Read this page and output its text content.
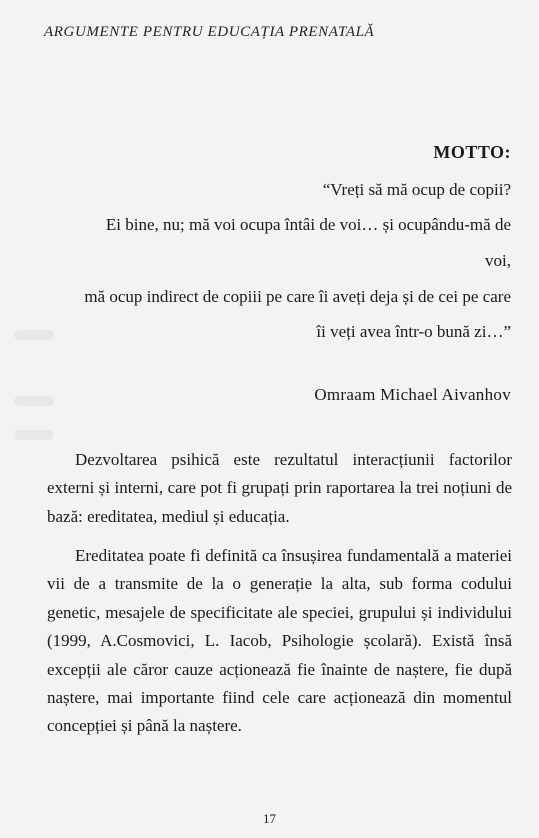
ARGUMENTE PENTRU EDUCAȚIA PRENATALĂ
MOTTO:
“Vreți să mă ocup de copii?
Ei bine, nu; mă voi ocupa întâi de voi… și ocupându-mă de
voi,
mă ocup indirect de copiii pe care îi aveți deja și de cei pe care
îi veți avea într-o bună zi…”
Omraam Michael Aivanhov

Dezvoltarea psihică este rezultatul interacțiunii factorilor externi și interni, care pot fi grupați prin raportarea la trei noțiuni de bază: ereditatea, mediul și educația.

Ereditatea poate fi definită ca însușirea fundamentală a materiei vii de a transmite de la o generație la alta, sub forma codului genetic, mesajele de specificitate ale speciei, grupului și individului (1999, A.Cosmovici, L. Iacob, Psihologie școlară). Există însă excepții ale căror cauze acționează fie înainte de naștere, fie după naștere, mai importante fiind cele care acționează din momentul concepției și până la naștere.

17
